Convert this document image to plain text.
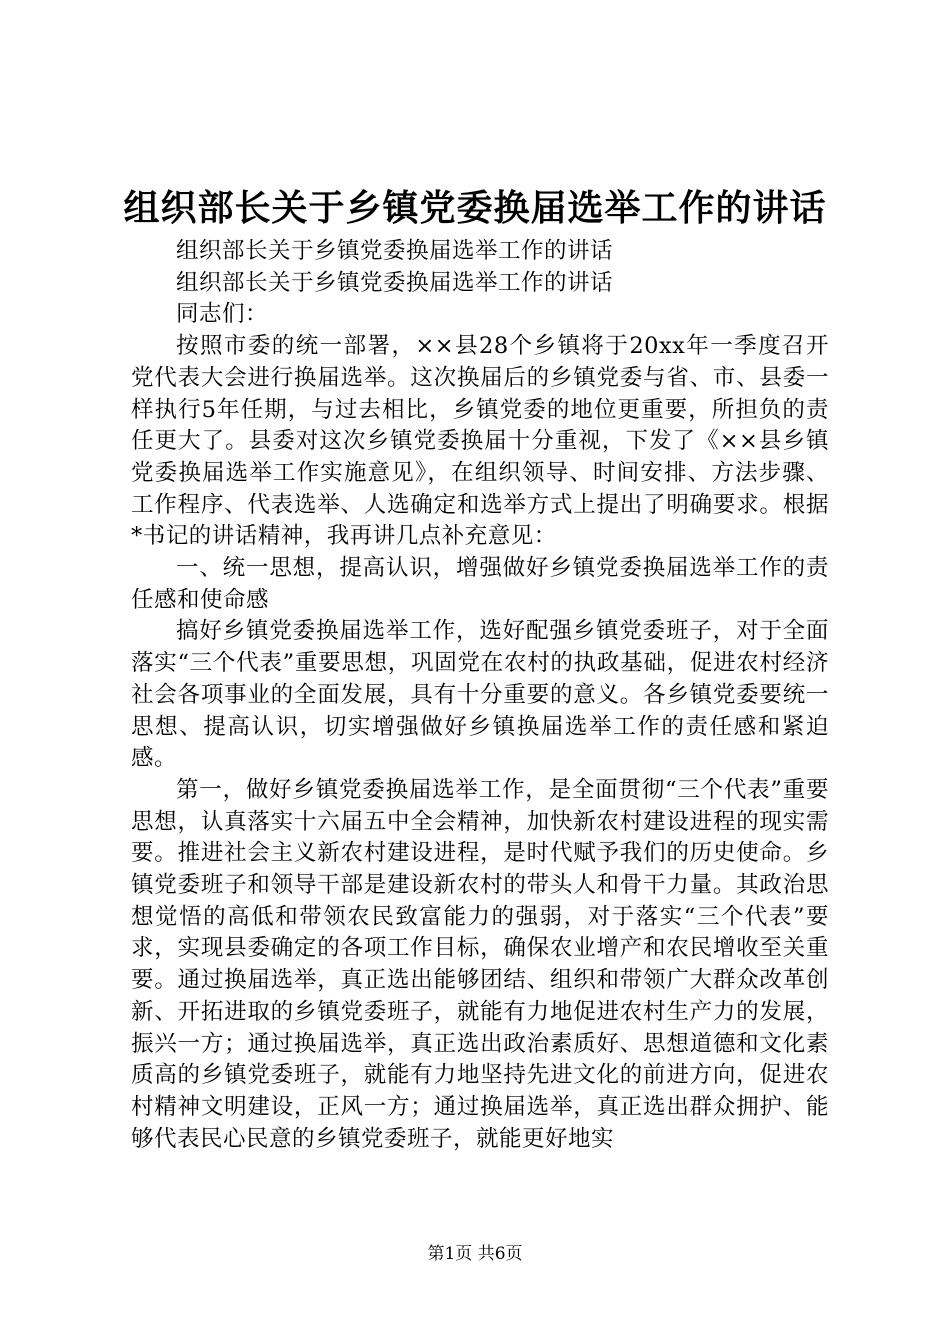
组织部长关于乡镇党委换届选举工作的讲话

组织部长关于乡镇党委换届选举工作的讲话

组织部长关于乡镇党委换届选举工作的讲话

同志们：

按照市委的统一部署，××县28个乡镇将于20xx年一季度召开党代表大会进行换届选举。这次换届后的乡镇党委与省、市、县委一样执行5年任期，与过去相比，乡镇党委的地位更重要，所担负的责任更大了。县委对这次乡镇党委换届十分重视，下发了《××县乡镇党委换届选举工作实施意见》，在组织领导、时间安排、方法步骤、工作程序、代表选举、人选确定和选举方式上提出了明确要求。根据*书记的讲话精神，我再讲几点补充意见：

一、统一思想，提高认识，增强做好乡镇党委换届选举工作的责任感和使命感

搞好乡镇党委换届选举工作，选好配强乡镇党委班子，对于全面落实“三个代表”重要思想，巩固党在农村的执政基础，促进农村经济社会各项事业的全面发展，具有十分重要的意义。各乡镇党委要统一思想、提高认识，切实增强做好乡镇换届选举工作的责任感和紧迫感。

第一，做好乡镇党委换届选举工作，是全面贯彻“三个代表”重要思想，认真落实十六届五中全会精神，加快新农村建设进程的现实需要。推进社会主义新农村建设进程，是时代赋予我们的历史使命。乡镇党委班子和领导干部是建设新农村的带头人和骨干力量。其政治思想觉悟的高低和带领农民致富能力的强弱，对于落实“三个代表”要求，实现县委确定的各项工作目标，确保农业增产和农民增收至关重要。通过换届选举，真正选出能够团结、组织和带领广大群众改革创新、开拓进取的乡镇党委班子，就能有力地促进农村生产力的发展，振兴一方；通过换届选举，真正选出政治素质好、思想道德和文化素质高的乡镇党委班子，就能有力地坚持先进文化的前进方向，促进农村精神文明建设，正风一方；通过换届选举，真正选出群众拥护、能够代表民心民意的乡镇党委班子，就能更好地实

第1页 共6页
